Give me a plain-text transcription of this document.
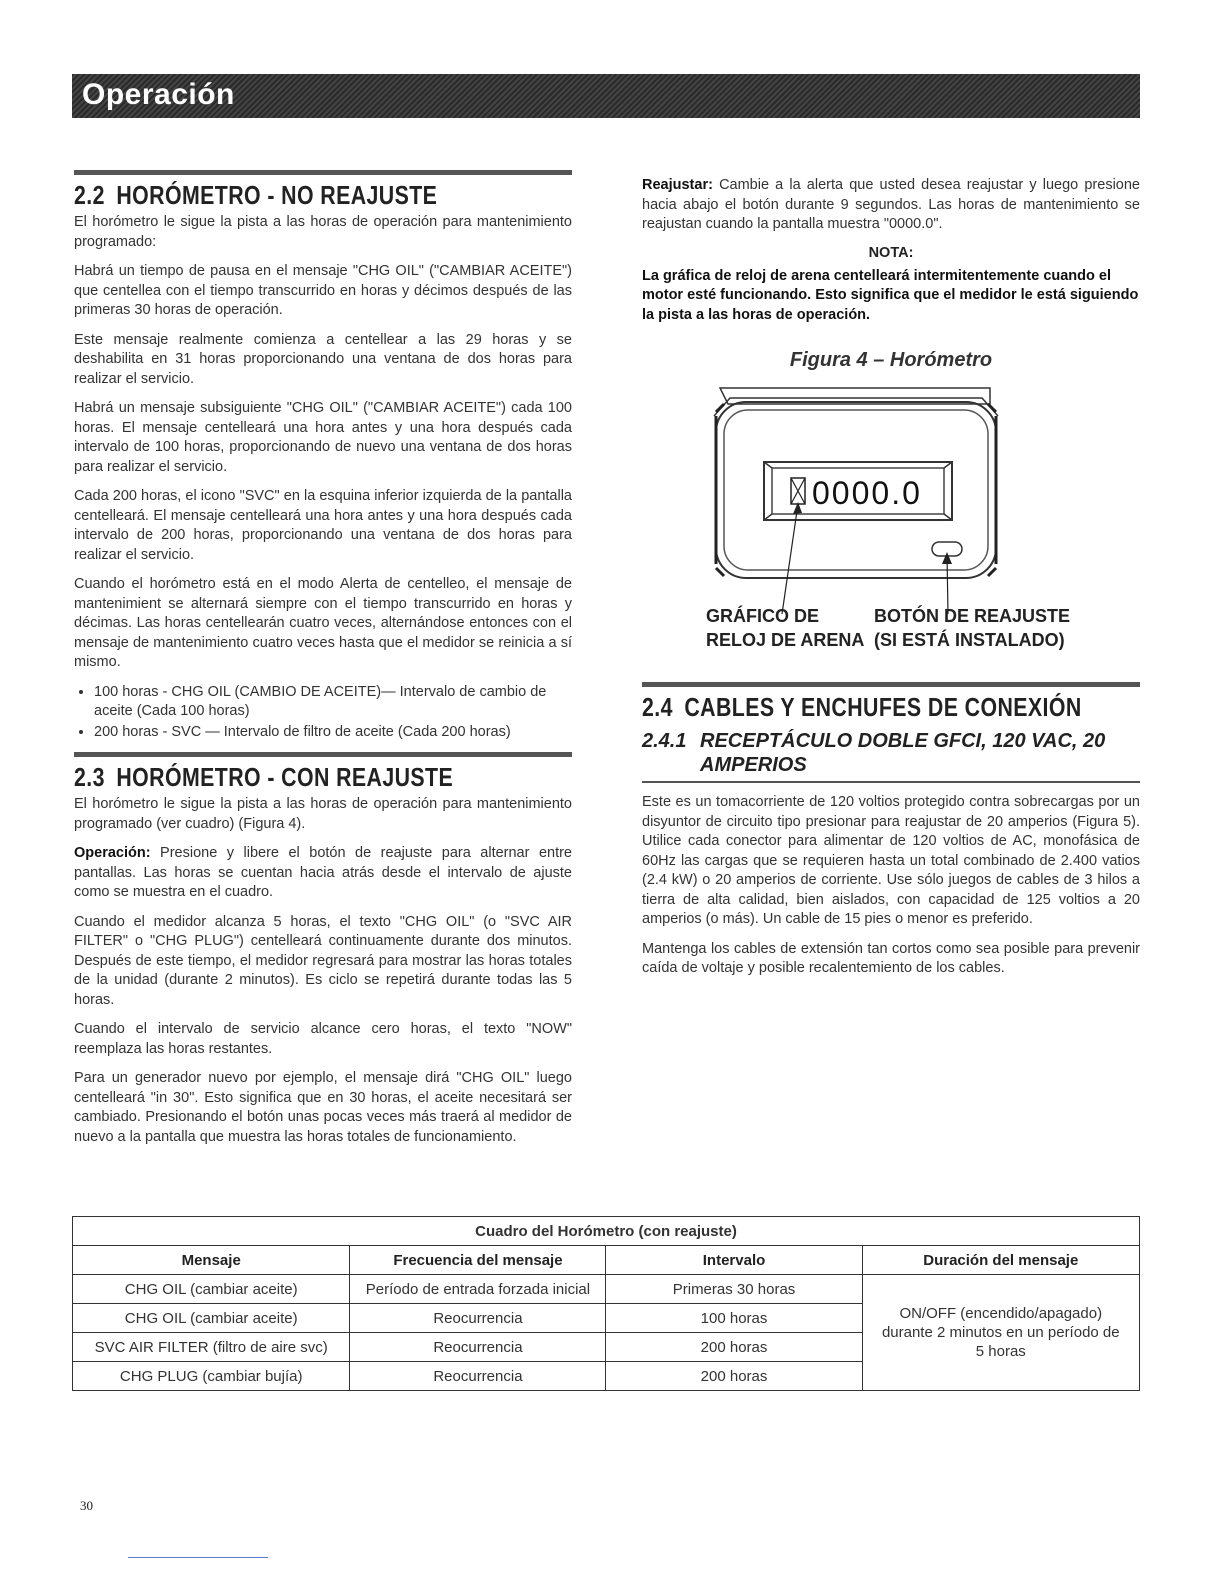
Operación
2.2 HORÓMETRO - NO REAJUSTE

El horómetro le sigue la pista a las horas de operación para mantenimiento programado:

Habrá un tiempo de pausa en el mensaje "CHG OIL" ("CAMBIAR ACEITE") que centellea con el tiempo transcurrido en horas y décimos después de las primeras 30 horas de operación.

Este mensaje realmente comienza a centellear a las 29 horas y se deshabilita en 31 horas proporcionando una ventana de dos horas para realizar el servicio.

Habrá un mensaje subsiguiente "CHG OIL" ("CAMBIAR ACEITE") cada 100 horas. El mensaje centelleará una hora antes y una hora después cada intervalo de 100 horas, proporcionando de nuevo una ventana de dos horas para realizar el servicio.

Cada 200 horas, el icono "SVC" en la esquina inferior izquierda de la pantalla centelleará. El mensaje centelleará una hora antes y una hora después cada intervalo de 200 horas, proporcionando una ventana de dos horas para realizar el servicio.

Cuando el horómetro está en el modo Alerta de centelleo, el mensaje de mantenimient se alternará siempre con el tiempo transcurrido en horas y décimas. Las horas centellearán cuatro veces, alternándose entonces con el mensaje de mantenimiento cuatro veces hasta que el medidor se reinicia a sí mismo.

• 100 horas - CHG OIL (CAMBIO DE ACEITE)— Intervalo de cambio de aceite (Cada 100 horas)
• 200 horas - SVC — Intervalo de filtro de aceite (Cada 200 horas)
2.3 HORÓMETRO - CON REAJUSTE

El horómetro le sigue la pista a las horas de operación para mantenimiento programado (ver cuadro) (Figura 4).

Operación: Presione y libere el botón de reajuste para alternar entre pantallas. Las horas se cuentan hacia atrás desde el intervalo de ajuste como se muestra en el cuadro.

Cuando el medidor alcanza 5 horas, el texto "CHG OIL" (o "SVC AIR FILTER" o "CHG PLUG") centelleará continuamente durante dos minutos. Después de este tiempo, el medidor regresará para mostrar las horas totales de la unidad (durante 2 minutos). Es ciclo se repetirá durante todas las 5 horas.

Cuando el intervalo de servicio alcance cero horas, el texto "NOW" reemplaza las horas restantes.

Para un generador nuevo por ejemplo, el mensaje dirá "CHG OIL" luego centelleará "in 30". Esto significa que en 30 horas, el aceite necesitará ser cambiado. Presionando el botón unas pocas veces más traerá al medidor de nuevo a la pantalla que muestra las horas totales de funcionamiento.

Reajustar: Cambie a la alerta que usted desea reajustar y luego presione hacia abajo el botón durante 9 segundos. Las horas de mantenimiento se reajustan cuando la pantalla muestra "0000.0".

NOTA:

La gráfica de reloj de arena centelleará intermitentemente cuando el motor esté funcionando. Esto significa que el medidor le está siguiendo la pista a las horas de operación.

Figura 4 – Horómetro
0000.0
GRÁFICO DE
RELOJ DE ARENA
BOTÓN DE REAJUSTE
(SI ESTÁ INSTALADO)
2.4 CABLES Y ENCHUFES DE CONEXIÓN
2.4.1 RECEPTÁCULO DOBLE GFCI, 120 VAC, 20
AMPERIOS

Este es un tomacorriente de 120 voltios protegido contra sobrecargas por un disyuntor de circuito tipo presionar para reajustar de 20 amperios (Figura 5). Utilice cada conector para alimentar de 120 voltios de AC, monofásica de 60Hz las cargas que se requieren hasta un total combinado de 2.400 vatios (2.4 kW) o 20 amperios de corriente. Use sólo juegos de cables de 3 hilos a tierra de alta calidad, bien aislados, con capacidad de 125 voltios a 20 amperios (o más). Un cable de 15 pies o menor es preferido.

Mantenga los cables de extensión tan cortos como sea posible para prevenir caída de voltaje y posible recalentemiento de los cables.

Cuadro del Horómetro (con reajuste)			
Mensaje	Frecuencia del mensaje	Intervalo	Duración del mensaje
CHG OIL (cambiar aceite)	Período de entrada forzada inicial	Primeras 30 horas	ON/OFF (encendido/apagado)
durante 2 minutos en un período de
5 horas

CHG OIL (cambiar aceite)	Reocurrencia	100 horas	
SVC AIR FILTER (filtro de aire svc)	Reocurrencia	200 horas	
CHG PLUG (cambiar bujía)	Reocurrencia	200 horas	
30
